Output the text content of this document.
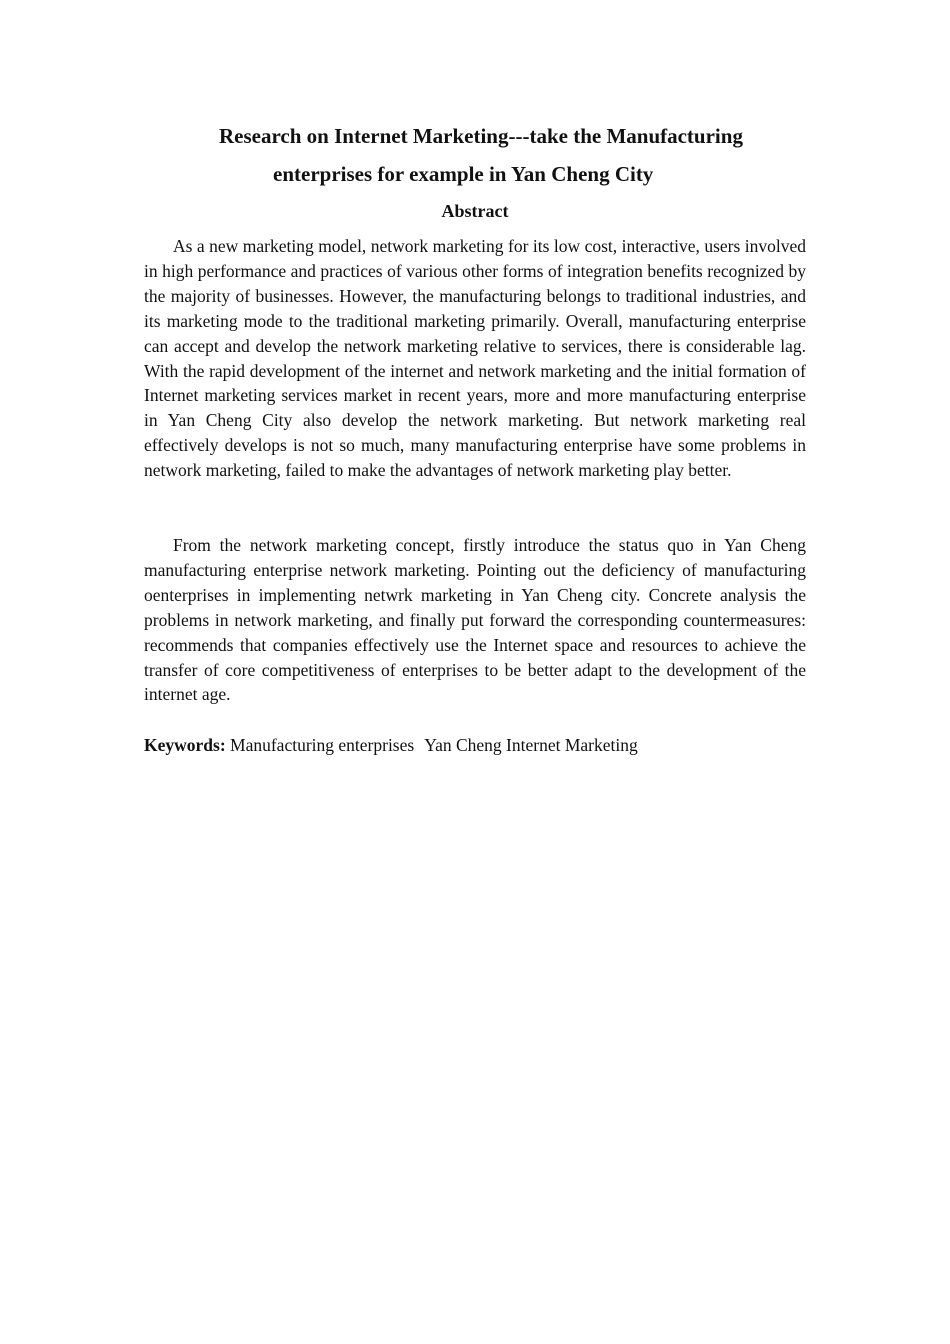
Research on Internet Marketing---take the Manufacturing
enterprises for example in Yan Cheng City
Abstract

As a new marketing model, network marketing for its low cost, interactive, users involved in high performance and practices of various other forms of integration benefits recognized by the majority of businesses. However, the manufacturing belongs to traditional industries, and its marketing mode to the traditional marketing primarily. Overall, manufacturing enterprise can accept and develop the network marketing relative to services, there is considerable lag. With the rapid development of the internet and network marketing and the initial formation of Internet marketing services market in recent years, more and more manufacturing enterprise in Yan Cheng City also develop the network marketing. But network marketing real effectively develops is not so much, many manufacturing enterprise have some problems in network marketing, failed to make the advantages of network marketing play better.

From the network marketing concept, firstly introduce the status quo in Yan Cheng manufacturing enterprise network marketing. Pointing out the deficiency of manufacturing oenterprises in implementing netwrk marketing in Yan Cheng city. Concrete analysis the problems in network marketing, and finally put forward the corresponding countermeasures: recommends that companies effectively use the Internet space and resources to achieve the transfer of core competitiveness of enterprises to be better adapt to the development of the internet age.

Keywords: Manufacturing enterprises Yan Cheng Internet Marketing
